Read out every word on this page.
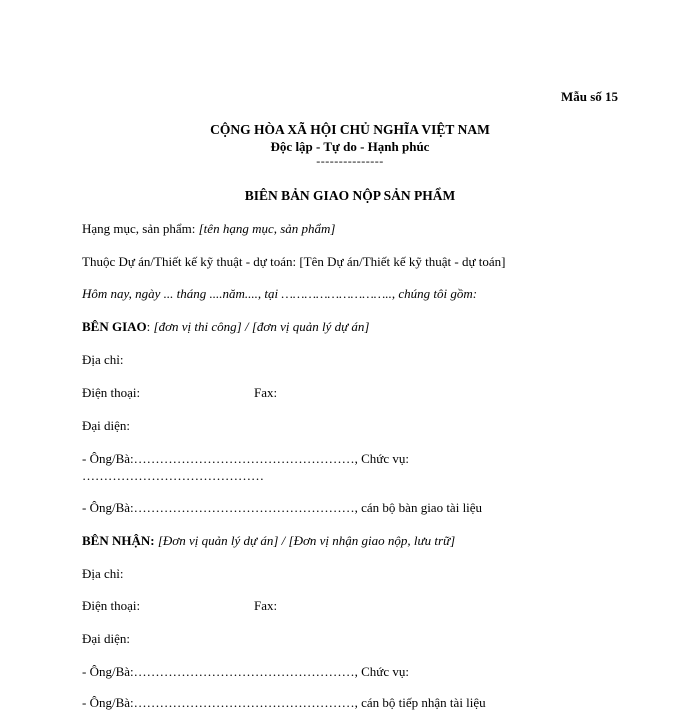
Mẫu số 15
CỘNG HÒA XÃ HỘI CHỦ NGHĨA VIỆT NAM
Độc lập - Tự do - Hạnh phúc
---------------
BIÊN BẢN GIAO NỘP SẢN PHẨM
Hạng mục, sản phẩm: [tên hạng mục, sản phẩm]
Thuộc Dự án/Thiết kế kỹ thuật - dự toán: [Tên Dự án/Thiết kế kỹ thuật - dự toán]
Hôm nay, ngày ... tháng ....năm...., tại ……………………….., chúng tôi gồm:
BÊN GIAO: [đơn vị thi công] / [đơn vị quản lý dự án]
Địa chỉ:
Điện thoại:	Fax:
Đại diện:
- Ông/Bà:……………………………………………, Chức vụ:
……………………………………
- Ông/Bà:……………………………………………, cán bộ bàn giao tài liệu
BÊN NHẬN: [Đơn vị quản lý dự án] / [Đơn vị nhận giao nộp, lưu trữ]
Địa chỉ:
Điện thoại:	Fax:
Đại diện:
- Ông/Bà:……………………………………………, Chức vụ:
- Ông/Bà:……………………………………………, cán bộ tiếp nhận tài liệu
